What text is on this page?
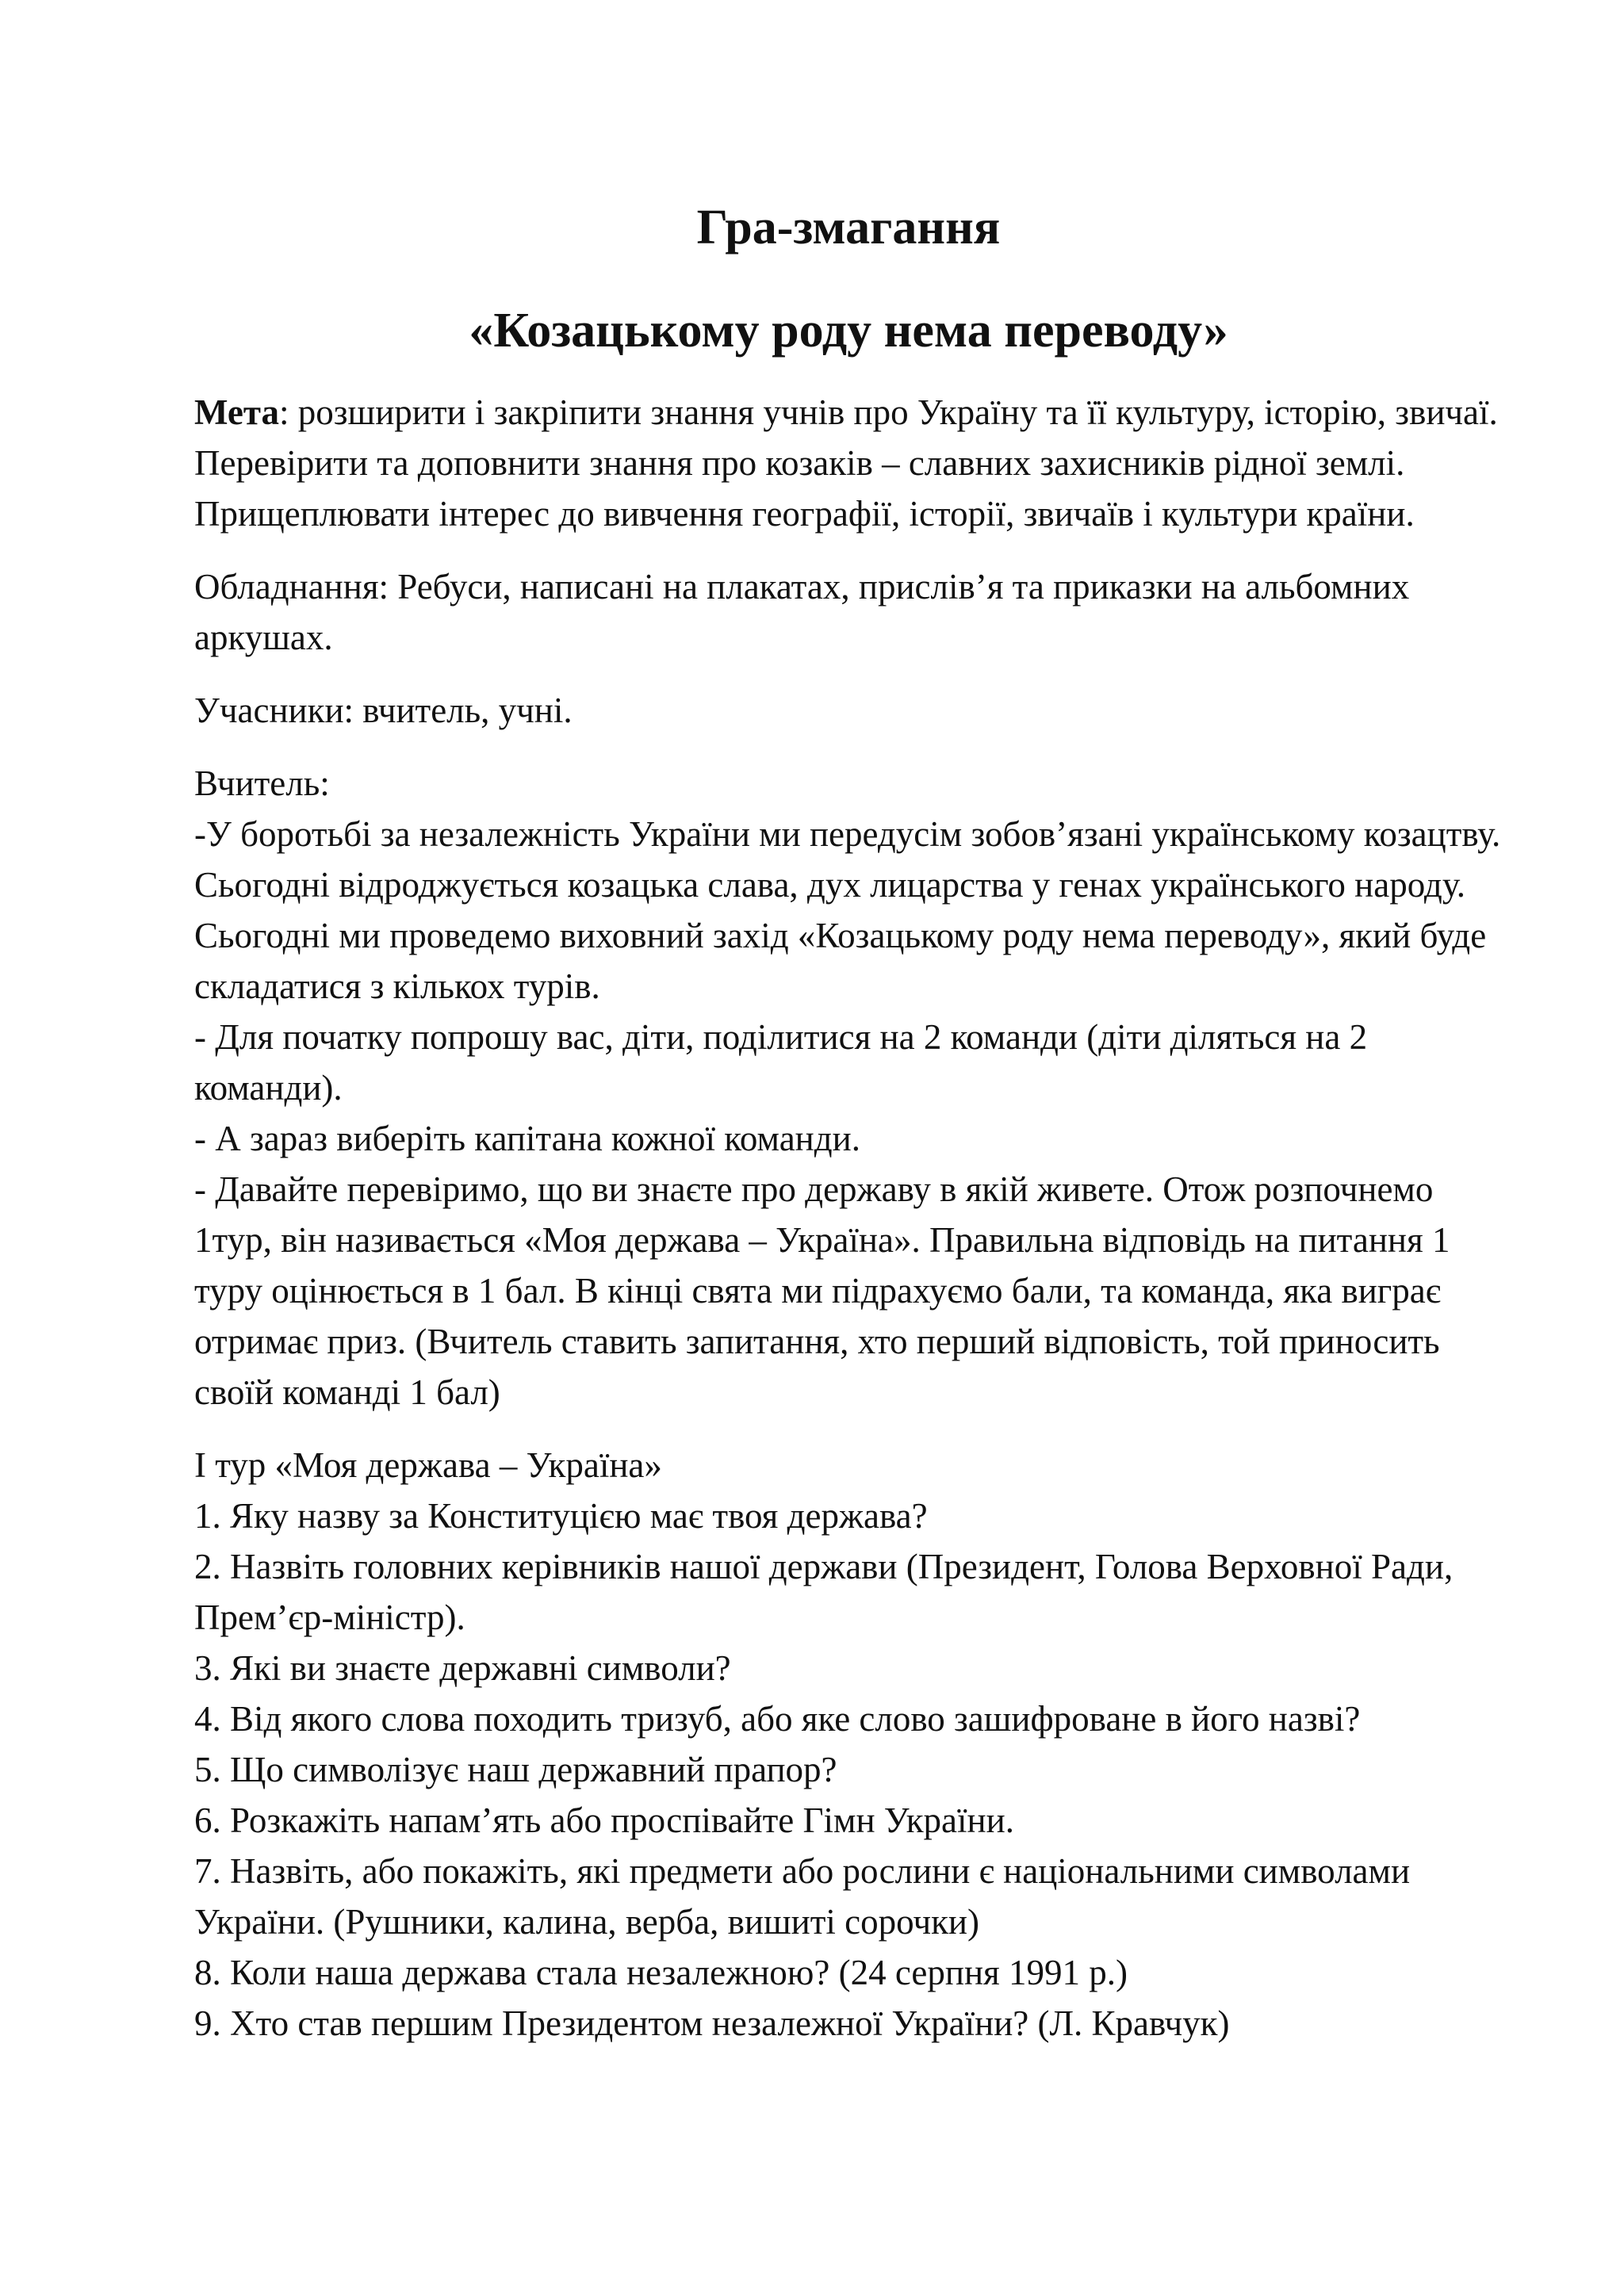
Гра-змагання
«Козацькому роду нема переводу»

Мета: розширити і закріпити знання учнів про Україну та її культуру, історію, звичаї. Перевірити та доповнити знання про козаків – славних захисників рідної землі. Прищеплювати інтерес до вивчення географії, історії, звичаїв і культури країни.

Обладнання: Ребуси, написані на плакатах, прислів’я та приказки на альбомних аркушах.

Учасники: вчитель, учні.

Вчитель:

-У боротьбі за незалежність України ми передусім зобов’язані українському козацтву. Сьогодні відроджується козацька слава, дух лицарства у генах українського народу. Сьогодні ми проведемо виховний захід «Козацькому роду нема переводу», який буде складатися з кількох турів.

- Для початку попрошу вас, діти, поділитися на 2 команди (діти діляться на 2 команди).

- А зараз виберіть капітана кожної команди.

- Давайте перевіримо, що ви знаєте про державу в якій живете. Отож розпочнемо 1тур, він називається «Моя держава – Україна». Правильна відповідь на питання 1 туру оцінюється в 1 бал. В кінці свята ми підрахуємо бали, та команда, яка виграє отримає приз. (Вчитель ставить запитання, хто перший відповість, той приносить своїй команді 1 бал)

І тур «Моя держава – Україна»

1. Яку назву за Конституцією має твоя держава?

2. Назвіть головних керівників нашої держави (Президент, Голова Верховної Ради, Прем’єр-міністр).

3. Які ви знаєте державні символи?

4. Від якого слова походить тризуб, або яке слово зашифроване в його назві?

5. Що символізує наш державний прапор?

6. Розкажіть напам’ять або проспівайте Гімн України.

7. Назвіть, або покажіть, які предмети або рослини є національними символами України. (Рушники, калина, верба, вишиті сорочки)

8. Коли наша держава стала незалежною? (24 серпня 1991 р.)

9. Хто став першим Президентом незалежної України? (Л. Кравчук)
